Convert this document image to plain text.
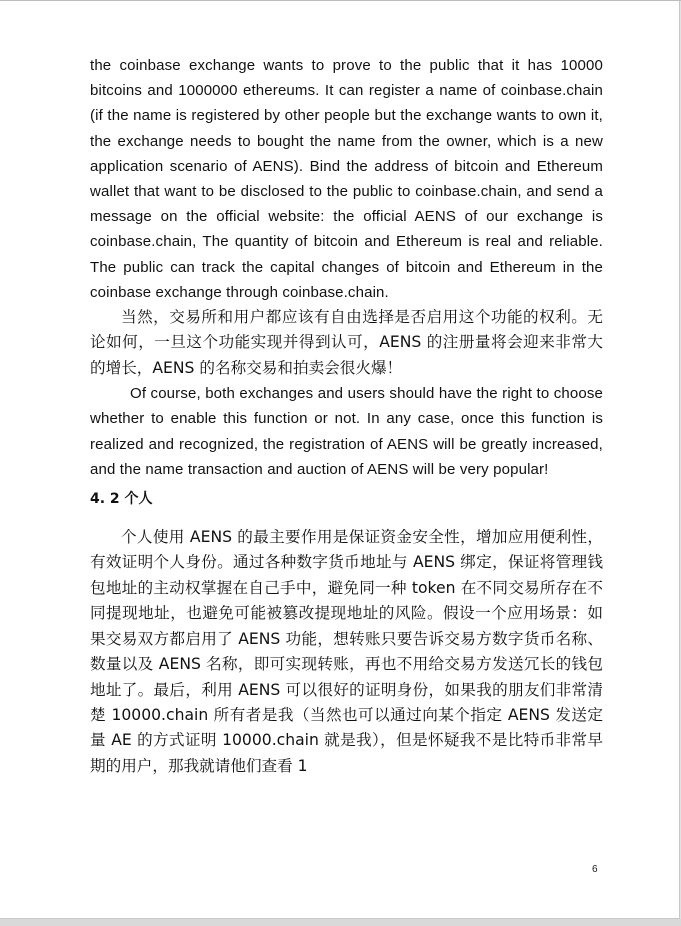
the coinbase exchange wants to prove to the public that it has 10000 bitcoins and 1000000 ethereums. It can register a name of coinbase.chain (if the name is registered by other people but the exchange wants to own it, the exchange needs to bought the name from the owner, which is a new application scenario of AENS). Bind the address of bitcoin and Ethereum wallet that want to be disclosed to the public to coinbase.chain, and send a message on the official website: the official AENS of our exchange is coinbase.chain, The quantity of bitcoin and Ethereum is real and reliable. The public can track the capital changes of bitcoin and Ethereum in the coinbase exchange through coinbase.chain.

当然，交易所和用户都应该有自由选择是否启用这个功能的权利。无论如何，一旦这个功能实现并得到认可，AENS 的注册量将会迎来非常大的增长，AENS 的名称交易和拍卖会很火爆！

Of course, both exchanges and users should have the right to choose whether to enable this function or not. In any case, once this function is realized and recognized, the registration of AENS will be greatly increased, and the name transaction and auction of AENS will be very popular!

4. 2 个人

个人使用 AENS 的最主要作用是保证资金安全性，增加应用便利性，有效证明个人身份。通过各种数字货币地址与 AENS 绑定，保证将管理钱包地址的主动权掌握在自己手中，避免同一种 token 在不同交易所存在不同提现地址，也避免可能被篡改提现地址的风险。假设一个应用场景：如果交易双方都启用了 AENS 功能，想转账只要告诉交易方数字货币名称、数量以及 AENS 名称，即可实现转账，再也不用给交易方发送冗长的钱包地址了。最后，利用 AENS 可以很好的证明身份，如果我的朋友们非常清楚 10000.chain 所有者是我（当然也可以通过向某个指定 AENS 发送定量 AE 的方式证明 10000.chain 就是我），但是怀疑我不是比特币非常早期的用户，那我就请他们查看 1

6
